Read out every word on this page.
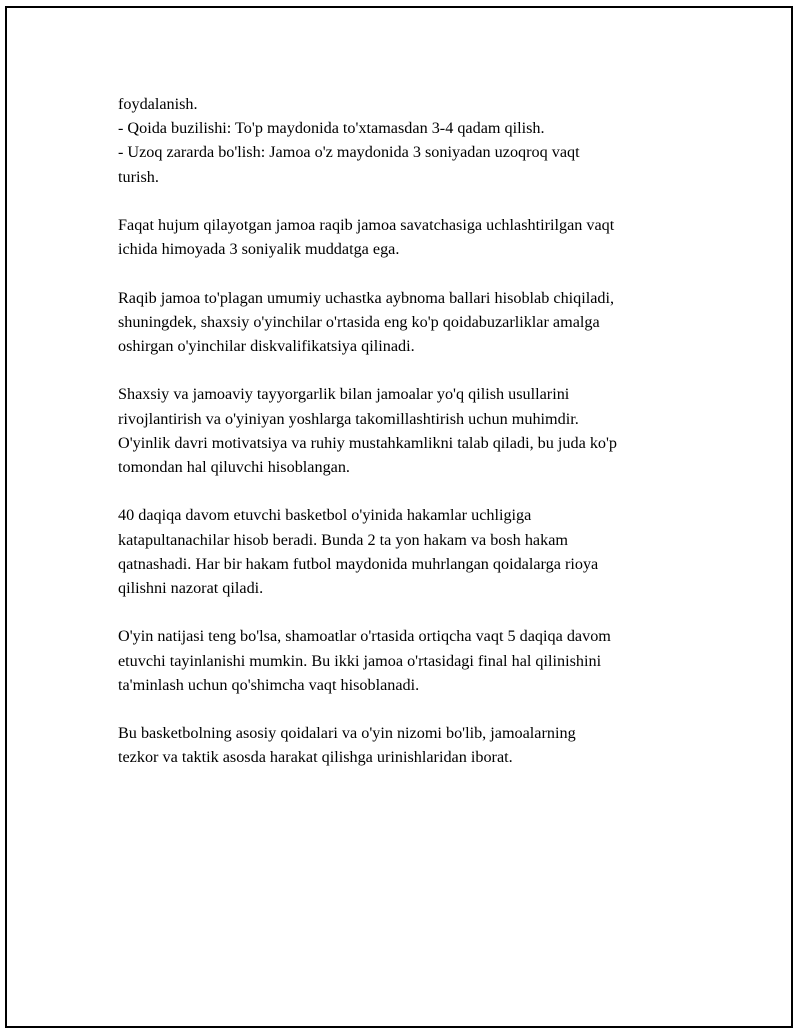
foydalanish.
- Qoida buzilishi: To'p maydonida to'xtamasdan 3-4 qadam qilish.
- Uzoq zararda bo'lish: Jamoa o'z maydonida 3 soniyadan uzoqroq vaqt
turish.

Faqat hujum qilayotgan jamoa raqib jamoa savatchasiga uchlashtirilgan vaqt
ichida himoyada 3 soniyalik muddatga ega.

Raqib jamoa to'plagan umumiy uchastka aybnoma ballari hisoblab chiqiladi,
shuningdek, shaxsiy o'yinchilar o'rtasida eng ko'p qoidabuzarliklar amalga
oshirgan o'yinchilar diskvalifikatsiya qilinadi.

Shaxsiy va jamoaviy tayyorgarlik bilan jamoalar yo'q qilish usullarini
rivojlantirish va o'yiniyan yoshlarga takomillashtirish uchun muhimdir.
O'yinlik davri motivatsiya va ruhiy mustahkamlikni talab qiladi, bu juda ko'p
tomondan hal qiluvchi hisoblangan.

40 daqiqa davom etuvchi basketbol o'yinida hakamlar uchligiga
katapultanachilar hisob beradi. Bunda 2 ta yon hakam va bosh hakam
qatnashadi. Har bir hakam futbol maydonida muhrlangan qoidalarga rioya
qilishni nazorat qiladi.

O'yin natijasi teng bo'lsa, shamoatlar o'rtasida ortiqcha vaqt 5 daqiqa davom
etuvchi tayinlanishi mumkin. Bu ikki jamoa o'rtasidagi final hal qilinishini
ta'minlash uchun qo'shimcha vaqt hisoblanadi.

Bu basketbolning asosiy qoidalari va o'yin nizomi bo'lib, jamoalarning
tezkor va taktik asosda harakat qilishga urinishlaridan iborat.
